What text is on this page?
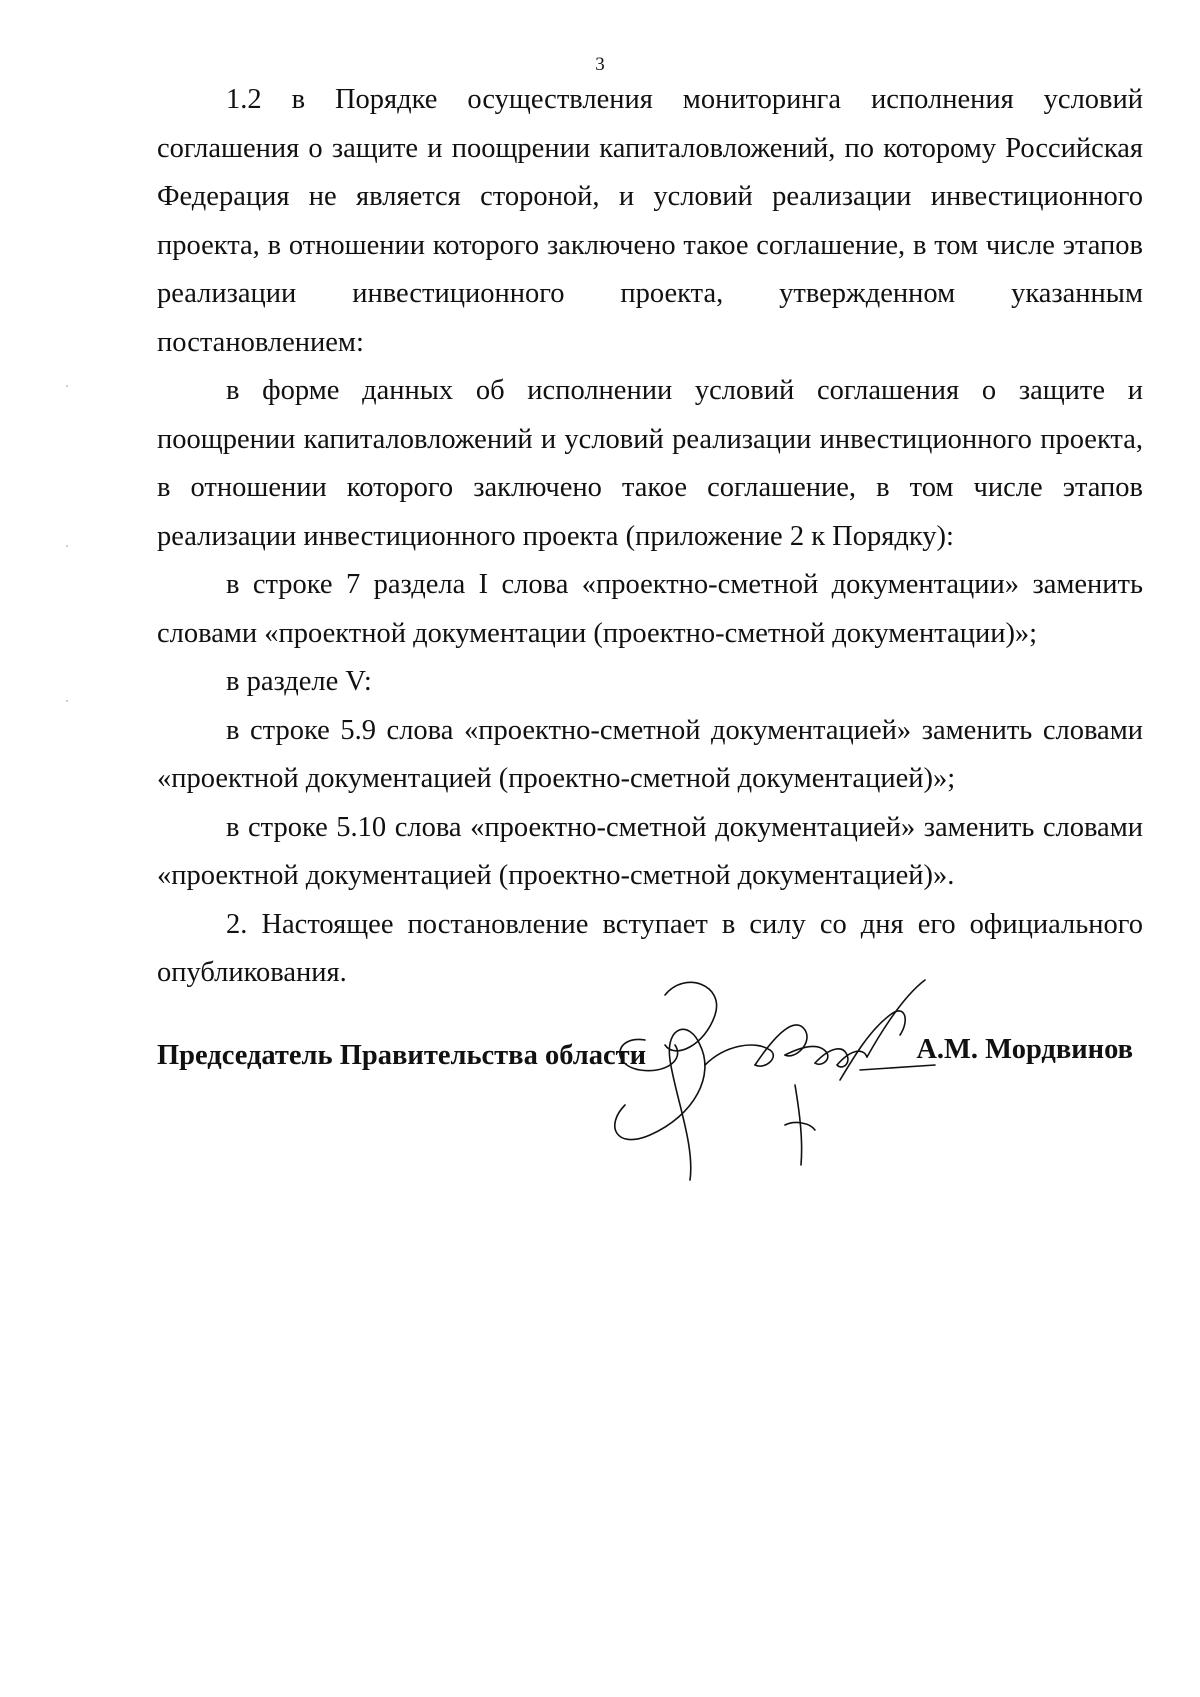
3

1.2 в Порядке осуществления мониторинга исполнения условий соглашения о защите и поощрении капиталовложений, по которому Российская Федерация не является стороной, и условий реализации инвестиционного проекта, в отношении которого заключено такое соглашение, в том числе этапов реализации инвестиционного проекта, утвержденном указанным постановлением:

в форме данных об исполнении условий соглашения о защите и поощрении капиталовложений и условий реализации инвестиционного проекта, в отношении которого заключено такое соглашение, в том числе этапов реализации инвестиционного проекта (приложение 2 к Порядку):

в строке 7 раздела I слова «проектно-сметной документации» заменить словами «проектной документации (проектно-сметной документации)»;

в разделе V:

в строке 5.9 слова «проектно-сметной документацией» заменить словами «проектной документацией (проектно-сметной документацией)»;

в строке 5.10 слова «проектно-сметной документацией» заменить словами «проектной документацией (проектно-сметной документацией)».

2. Настоящее постановление вступает в силу со дня его официального опубликования.

Председатель Правительства области	А.М. Мордвинов
